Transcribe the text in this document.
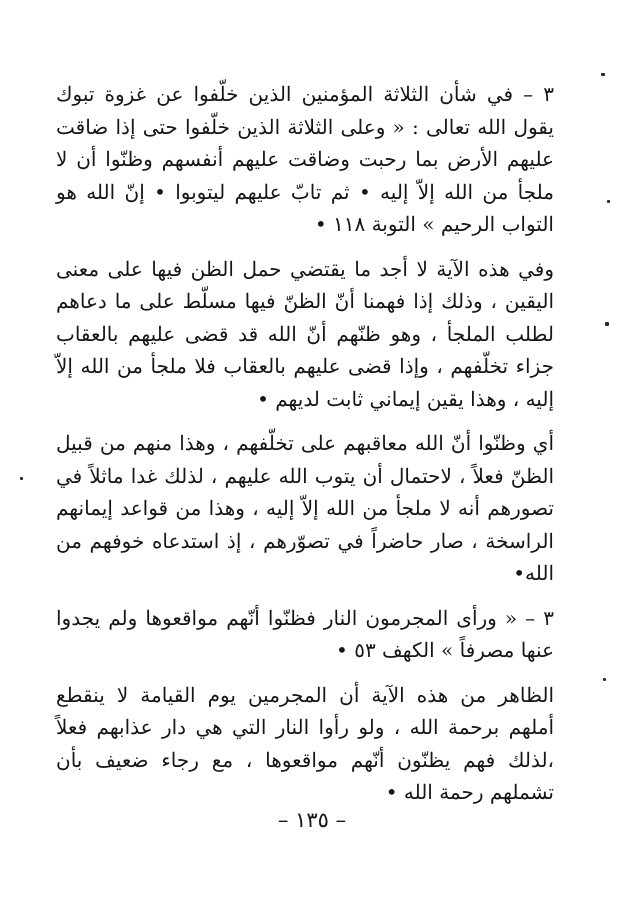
٣ – في شأن الثلاثة المؤمنين الذين خلّفوا عن غزوة تبوك يقول الله تعالى : « وعلى الثلاثة الذين خلّفوا حتى إذا ضاقت عليهم الأرض بما رحبت وضاقت عليهم أنفسهم وظنّوا أن لا ملجأ من الله إلاّ إليه • ثم تابّ عليهم ليتوبوا • إنّ الله هو التواب الرحيم » التوبة ١١٨ •

وفي هذه الآية لا أجد ما يقتضي حمل الظن فيها على معنى اليقين ، وذلك إذا فهمنا أنّ الظنّ فيها مسلّط على ما دعاهم لطلب الملجأ ، وهو ظنّهم أنّ الله قد قضى عليهم بالعقاب جزاء تخلّفهم ، وإذا قضى عليهم بالعقاب فلا ملجأ من الله إلاّ إليه ، وهذا يقين إيماني ثابت لديهم •

أي وظنّوا أنّ الله معاقبهم على تخلّفهم ، وهذا منهم من قبيل الظنّ فعلاً ، لاحتمال أن يتوب الله عليهم ، لذلك غدا ماثلاً في تصورهم أنه لا ملجأ من الله إلاّ إليه ، وهذا من قواعد إيمانهم الراسخة ، صار حاضراً في تصوّرهم ، إذ استدعاه خوفهم من الله•

٣ – « ورأى المجرمون النار فظنّوا أنّهم مواقعوها ولم يجدوا عنها مصرفاً » الكهف ٥٣ •

الظاهر من هذه الآية أن المجرمين يوم القيامة لا ينقطع أملهم برحمة الله ، ولو رأوا النار التي هي دار عذابهم فعلاً ،لذلك فهم يظنّون أنّهم مواقعوها ، مع رجاء ضعيف بأن تشملهم رحمة الله •

– ١٣٥ –
